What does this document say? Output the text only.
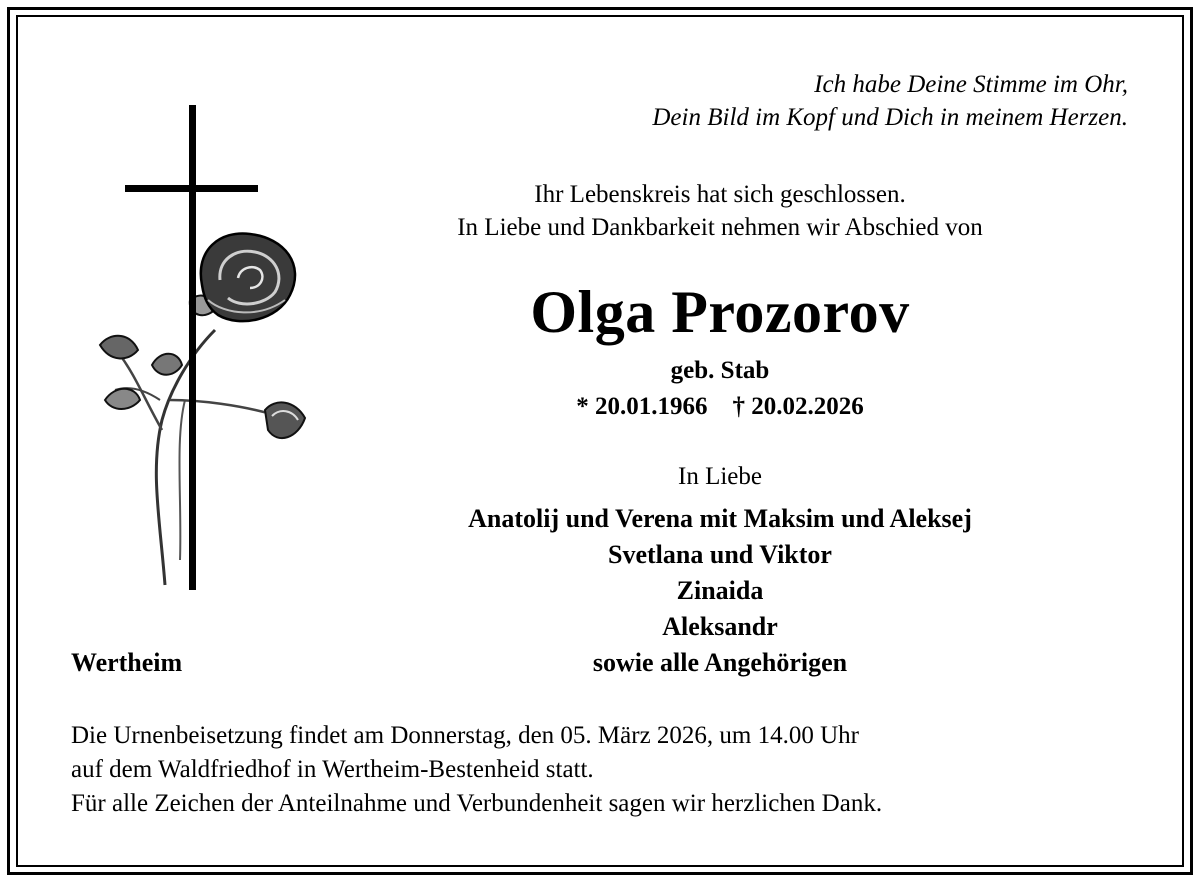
Ich habe Deine Stimme im Ohr,
Dein Bild im Kopf und Dich in meinem Herzen.
Ihr Lebenskreis hat sich geschlossen.
In Liebe und Dankbarkeit nehmen wir Abschied von
Olga Prozorov
geb. Stab
* 20.01.1966 † 20.02.2026
In Liebe
Anatolij und Verena mit Maksim und Aleksej
Svetlana und Viktor
Zinaida
Aleksandr
sowie alle Angehörigen
Wertheim
Die Urnenbeisetzung findet am Donnerstag, den 05. März 2026, um 14.00 Uhr
auf dem Waldfriedhof in Wertheim-Bestenheid statt.
Für alle Zeichen der Anteilnahme und Verbundenheit sagen wir herzlichen Dank.
